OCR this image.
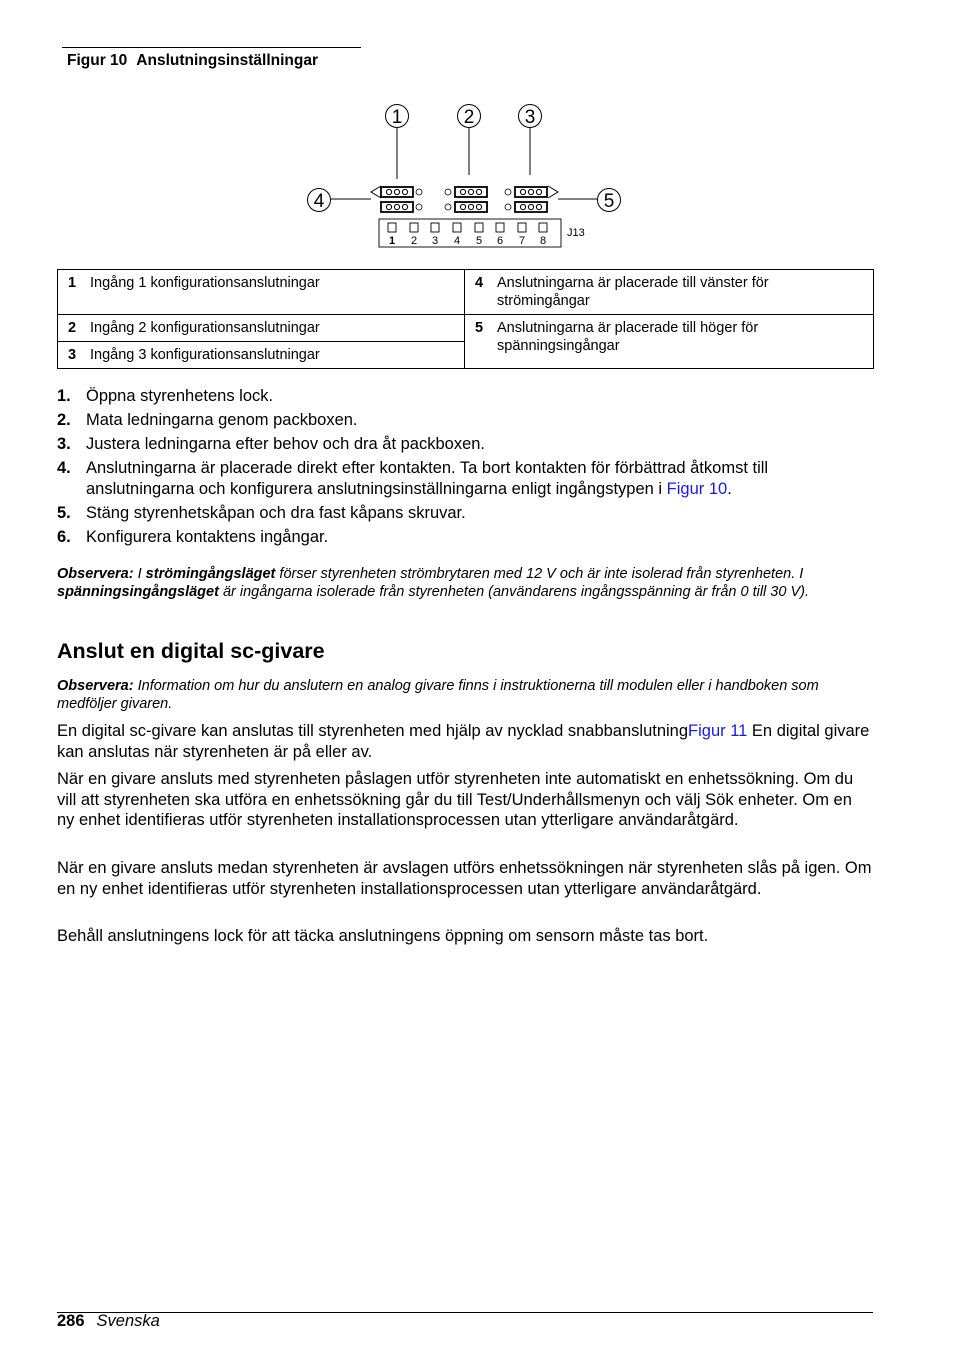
Figur 10 Anslutningsinställningar
1	2	3
4	5
1 2 3 4 5 6 7 8
J13
1 Ingång 1 konfigurationsanslutningar	4 Anslutningarna är placerade till vänster för strömingångar

2 Ingång 2 konfigurationsanslutningar	5 Anslutningarna är placerade till höger för spänningsingångar

3 Ingång 3 konfigurationsanslutningar	
1. Öppna styrenhetens lock.
2. Mata ledningarna genom packboxen.
3. Justera ledningarna efter behov och dra åt packboxen.
4. Anslutningarna är placerade direkt efter kontakten. Ta bort kontakten för förbättrad åtkomst till anslutningarna och konfigurera anslutningsinställningarna enligt ingångstypen i Figur 10.
5. Stäng styrenhetskåpan och dra fast kåpans skruvar.
6. Konfigurera kontaktens ingångar.
Observera: I strömingångsläget förser styrenheten strömbrytaren med 12 V och är inte isolerad från styrenheten. I spänningsingångsläget är ingångarna isolerade från styrenheten (användarens ingångsspänning är från 0 till 30 V).
Anslut en digital sc-givare
Observera: Information om hur du anslutern en analog givare finns i instruktionerna till modulen eller i handboken som medföljer givaren.

En digital sc-givare kan anslutas till styrenheten med hjälp av nycklad snabbanslutningFigur 11 En digital givare kan anslutas när styrenheten är på eller av.

När en givare ansluts med styrenheten påslagen utför styrenheten inte automatiskt en enhetssökning. Om du vill att styrenheten ska utföra en enhetssökning går du till Test/Underhållsmenyn och välj Sök enheter. Om en ny enhet identifieras utför styrenheten installationsprocessen utan ytterligare användaråtgärd.

När en givare ansluts medan styrenheten är avslagen utförs enhetssökningen när styrenheten slås på igen. Om en ny enhet identifieras utför styrenheten installationsprocessen utan ytterligare användaråtgärd.

Behåll anslutningens lock för att täcka anslutningens öppning om sensorn måste tas bort.

286 Svenska
